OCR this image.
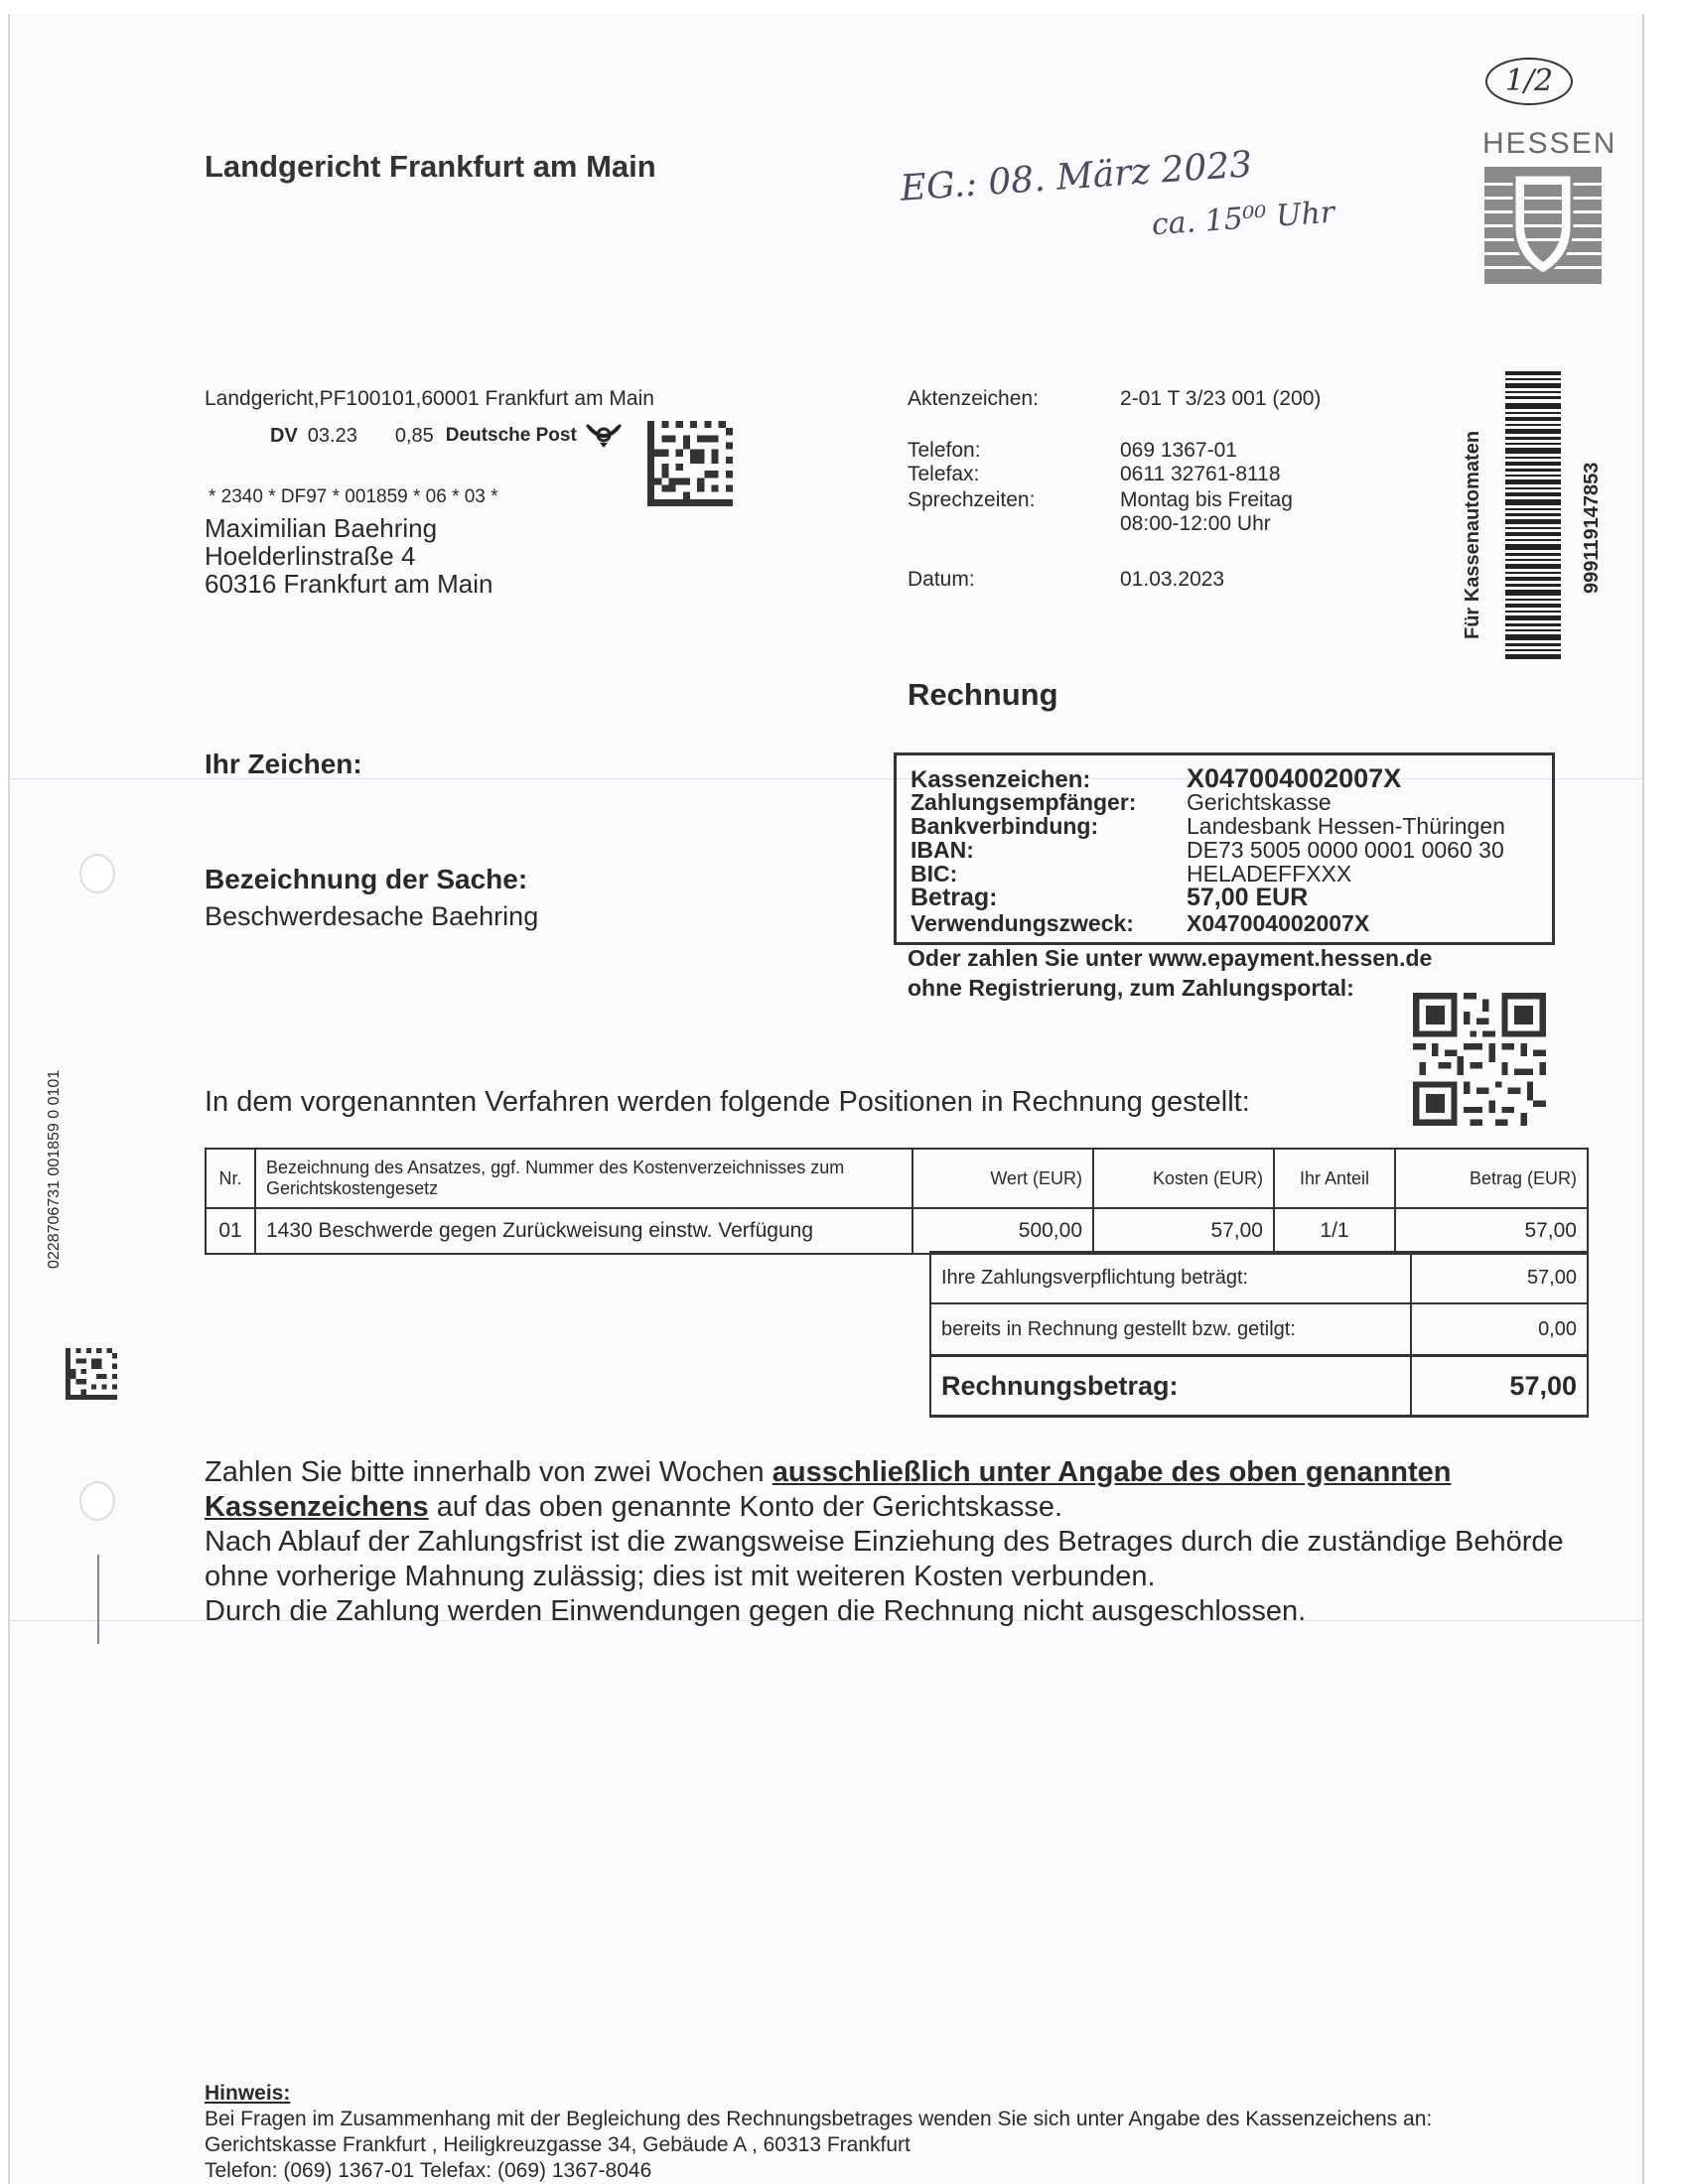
Landgericht Frankfurt am Main	EG.: 08. März 2023
ca. 15⁰⁰ Uhr
1/2
HESSEN
Für Kassenautomaten	999119147853
Landgericht,PF100101,60001 Frankfurt am Main
DV 03.23 0,85 Deutsche Post
* 2340 * DF97 * 001859 * 06 * 03 *
Maximilian Baehring
Hoelderlinstraße 4
60316 Frankfurt am Main
Aktenzeichen:	2-01 T 3/23 001 (200)
Telefon:	069 1367-01
Telefax:	0611 32761-8118
Sprechzeiten:	Montag bis Freitag
08:00-12:00 Uhr
Datum:	01.03.2023
Rechnung
Ihr Zeichen:
Kassenzeichen:	X047004002007X
Zahlungsempfänger: Gerichtskasse
Bankverbindung:	Landesbank Hessen-Thüringen
IBAN:	DE73 5005 0000 0001 0060 30
BIC:	HELADEFFXXX
Betrag:	57,00 EUR
Verwendungszweck: X047004002007X
Oder zahlen Sie unter www.epayment.hessen.de
ohne Registrierung, zum Zahlungsportal:
Bezeichnung der Sache:
Beschwerdesache Baehring
0228706731 001859 0 0101	In dem vorgenannten Verfahren werden folgende Positionen in Rechnung gestellt:
Nr.	Bezeichnung des Ansatzes, ggf. Nummer des Kostenverzeichnisses zum Gerichtskostengesetz	Wert (EUR)	Kosten (EUR)	Ihr Anteil	Betrag (EUR)
01	1430 Beschwerde gegen Zurückweisung einstw. Verfügung	500,00	57,00	1/1	57,00
Ihre Zahlungsverpflichtung beträgt:	57,00
bereits in Rechnung gestellt bzw. getilgt:	0,00
Rechnungsbetrag:	57,00
Zahlen Sie bitte innerhalb von zwei Wochen ausschließlich unter Angabe des oben genannten Kassenzeichens auf das oben genannte Konto der Gerichtskasse.
Nach Ablauf der Zahlungsfrist ist die zwangsweise Einziehung des Betrages durch die zuständige Behörde ohne vorherige Mahnung zulässig; dies ist mit weiteren Kosten verbunden.
Durch die Zahlung werden Einwendungen gegen die Rechnung nicht ausgeschlossen.
Hinweis:
Bei Fragen im Zusammenhang mit der Begleichung des Rechnungsbetrages wenden Sie sich unter Angabe des Kassenzeichens an:
Gerichtskasse Frankfurt , Heiligkreuzgasse 34, Gebäude A , 60313 Frankfurt
Telefon: (069) 1367-01 Telefax: (069) 1367-8046
